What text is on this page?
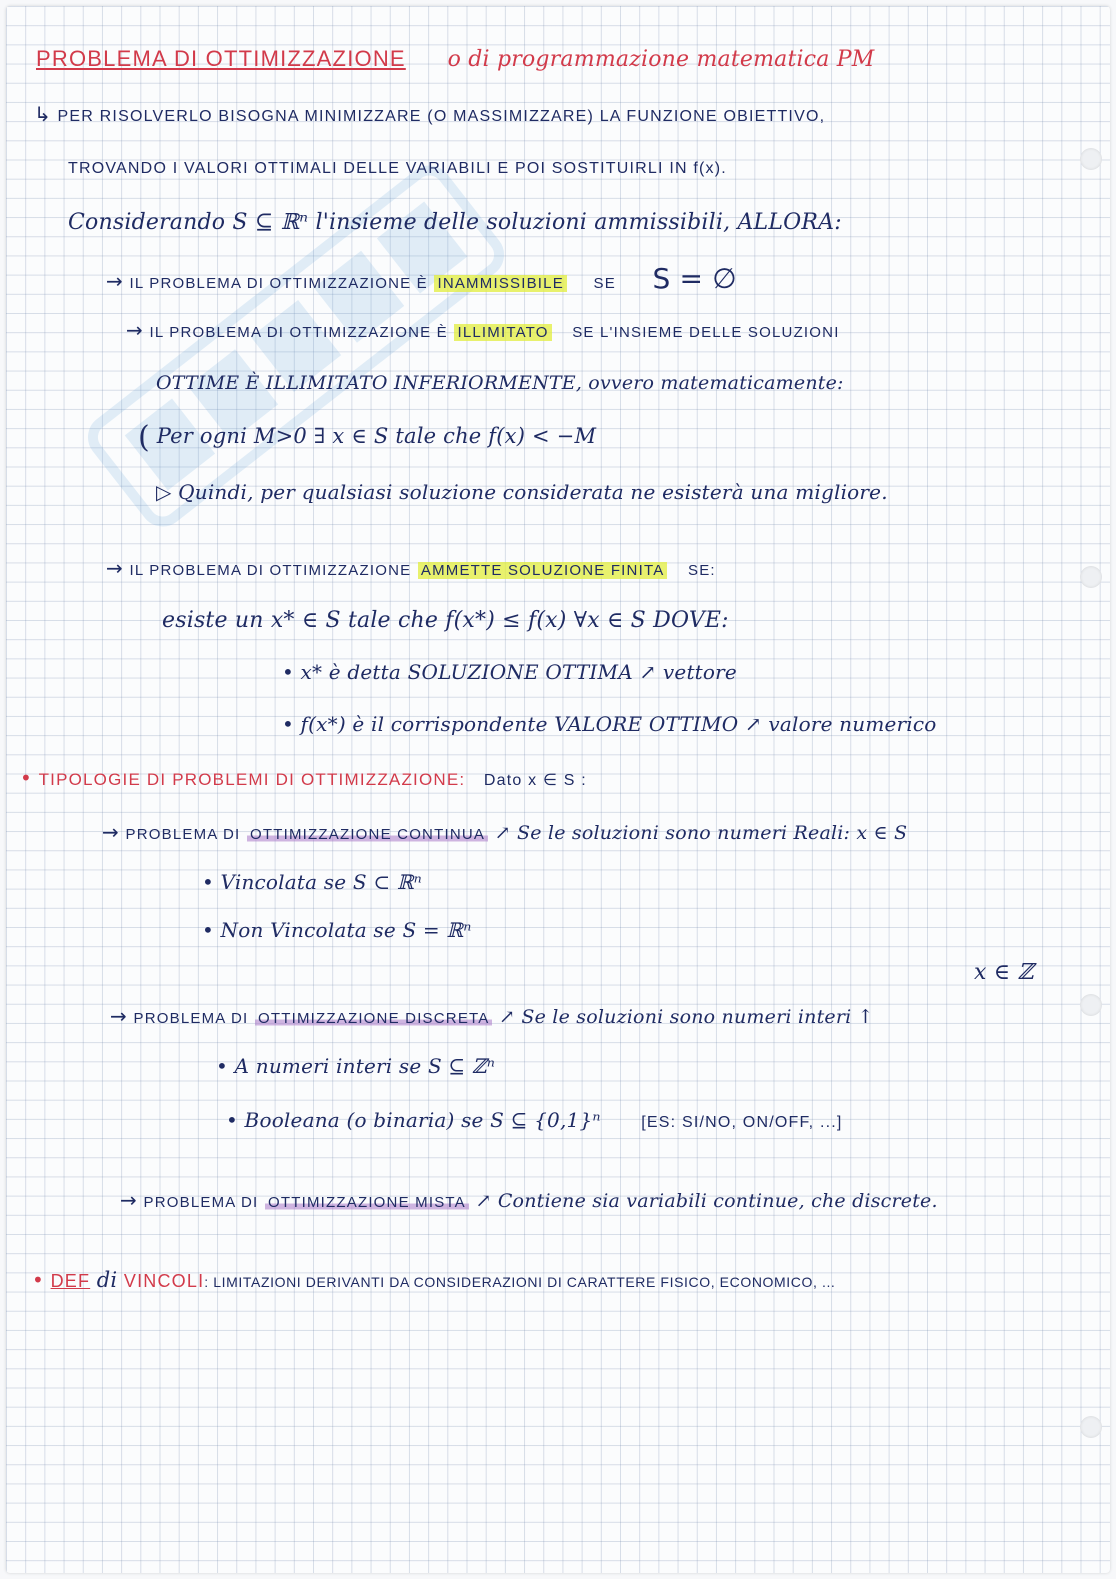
PROBLEMA DI OTTIMIZZAZIONE o di programmazione matematica PM
↳ PER RISOLVERLO BISOGNA MINIMIZZARE (O MASSIMIZZARE) LA FUNZIONE OBIETTIVO,
TROVANDO I VALORI OTTIMALI DELLE VARIABILI E POI SOSTITUIRLI IN f(x).
Considerando S ⊆ ℝⁿ l'insieme delle soluzioni ammissibili, ALLORA:
→ IL PROBLEMA DI OTTIMIZZAZIONE È INAMMISSIBILE SE S = ∅
→ IL PROBLEMA DI OTTIMIZZAZIONE È ILLIMITATO SE L'INSIEME DELLE SOLUZIONI
OTTIME È ILLIMITATO INFERIORMENTE, ovvero matematicamente:
( Per ogni M>0 ∃ x ∈ S tale che f(x) < −M
▷ Quindi, per qualsiasi soluzione considerata ne esisterà una migliore.
→ IL PROBLEMA DI OTTIMIZZAZIONE AMMETTE SOLUZIONE FINITA SE:
esiste un x* ∈ S tale che f(x*) ≤ f(x) ∀x ∈ S DOVE:
• x* è detta SOLUZIONE OTTIMA ↗ vettore
• f(x*) è il corrispondente VALORE OTTIMO ↗ valore numerico
• TIPOLOGIE DI PROBLEMI DI OTTIMIZZAZIONE: Dato x ∈ S :
→ PROBLEMA DI OTTIMIZZAZIONE CONTINUA ↗ Se le soluzioni sono numeri Reali: x ∈ S
• Vincolata se S ⊂ ℝⁿ
• Non Vincolata se S = ℝⁿ
x ∈ ℤ
→ PROBLEMA DI OTTIMIZZAZIONE DISCRETA ↗ Se le soluzioni sono numeri interi ↑
• A numeri interi se S ⊆ ℤⁿ
• Booleana (o binaria) se S ⊆ {0,1}ⁿ	[ES: SI/NO, ON/OFF, ...]
→ PROBLEMA DI OTTIMIZZAZIONE MISTA ↗ Contiene sia variabili continue, che discrete.
• DEF di VINCOLI: LIMITAZIONI DERIVANTI DA CONSIDERAZIONI DI CARATTERE FISICO, ECONOMICO, ...
